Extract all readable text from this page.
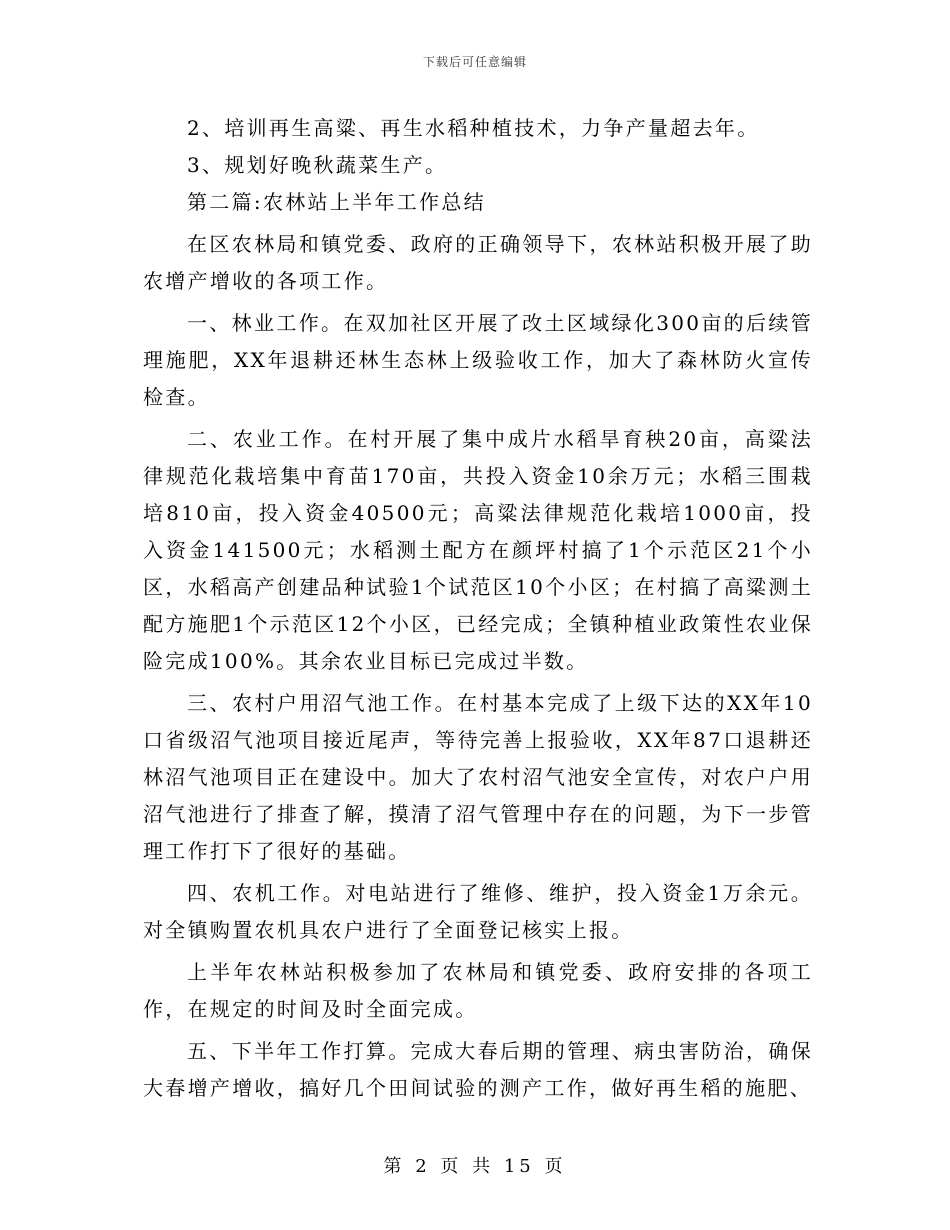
下载后可任意编辑

2、培训再生高粱、再生水稻种植技术，力争产量超去年。

3、规划好晚秋蔬菜生产。

第二篇:农林站上半年工作总结

在区农林局和镇党委、政府的正确领导下，农林站积极开展了助农增产增收的各项工作。

一、林业工作。在双加社区开展了改土区域绿化300亩的后续管理施肥，XX年退耕还林生态林上级验收工作，加大了森林防火宣传检查。

二、农业工作。在村开展了集中成片水稻旱育秧20亩，高粱法律规范化栽培集中育苗170亩，共投入资金10余万元；水稻三围栽培810亩，投入资金40500元；高粱法律规范化栽培1000亩，投入资金141500元；水稻测土配方在颜坪村搞了1个示范区21个小区，水稻高产创建品种试验1个试范区10个小区；在村搞了高粱测土配方施肥1个示范区12个小区，已经完成；全镇种植业政策性农业保险完成100%。其余农业目标已完成过半数。

三、农村户用沼气池工作。在村基本完成了上级下达的XX年10口省级沼气池项目接近尾声，等待完善上报验收，XX年87口退耕还林沼气池项目正在建设中。加大了农村沼气池安全宣传，对农户户用沼气池进行了排查了解，摸清了沼气管理中存在的问题，为下一步管理工作打下了很好的基础。

四、农机工作。对电站进行了维修、维护，投入资金1万余元。对全镇购置农机具农户进行了全面登记核实上报。

上半年农林站积极参加了农林局和镇党委、政府安排的各项工作，在规定的时间及时全面完成。

五、下半年工作打算。完成大春后期的管理、病虫害防治，确保大春增产增收，搞好几个田间试验的测产工作，做好再生稻的施肥、

第 2 页 共 15 页
